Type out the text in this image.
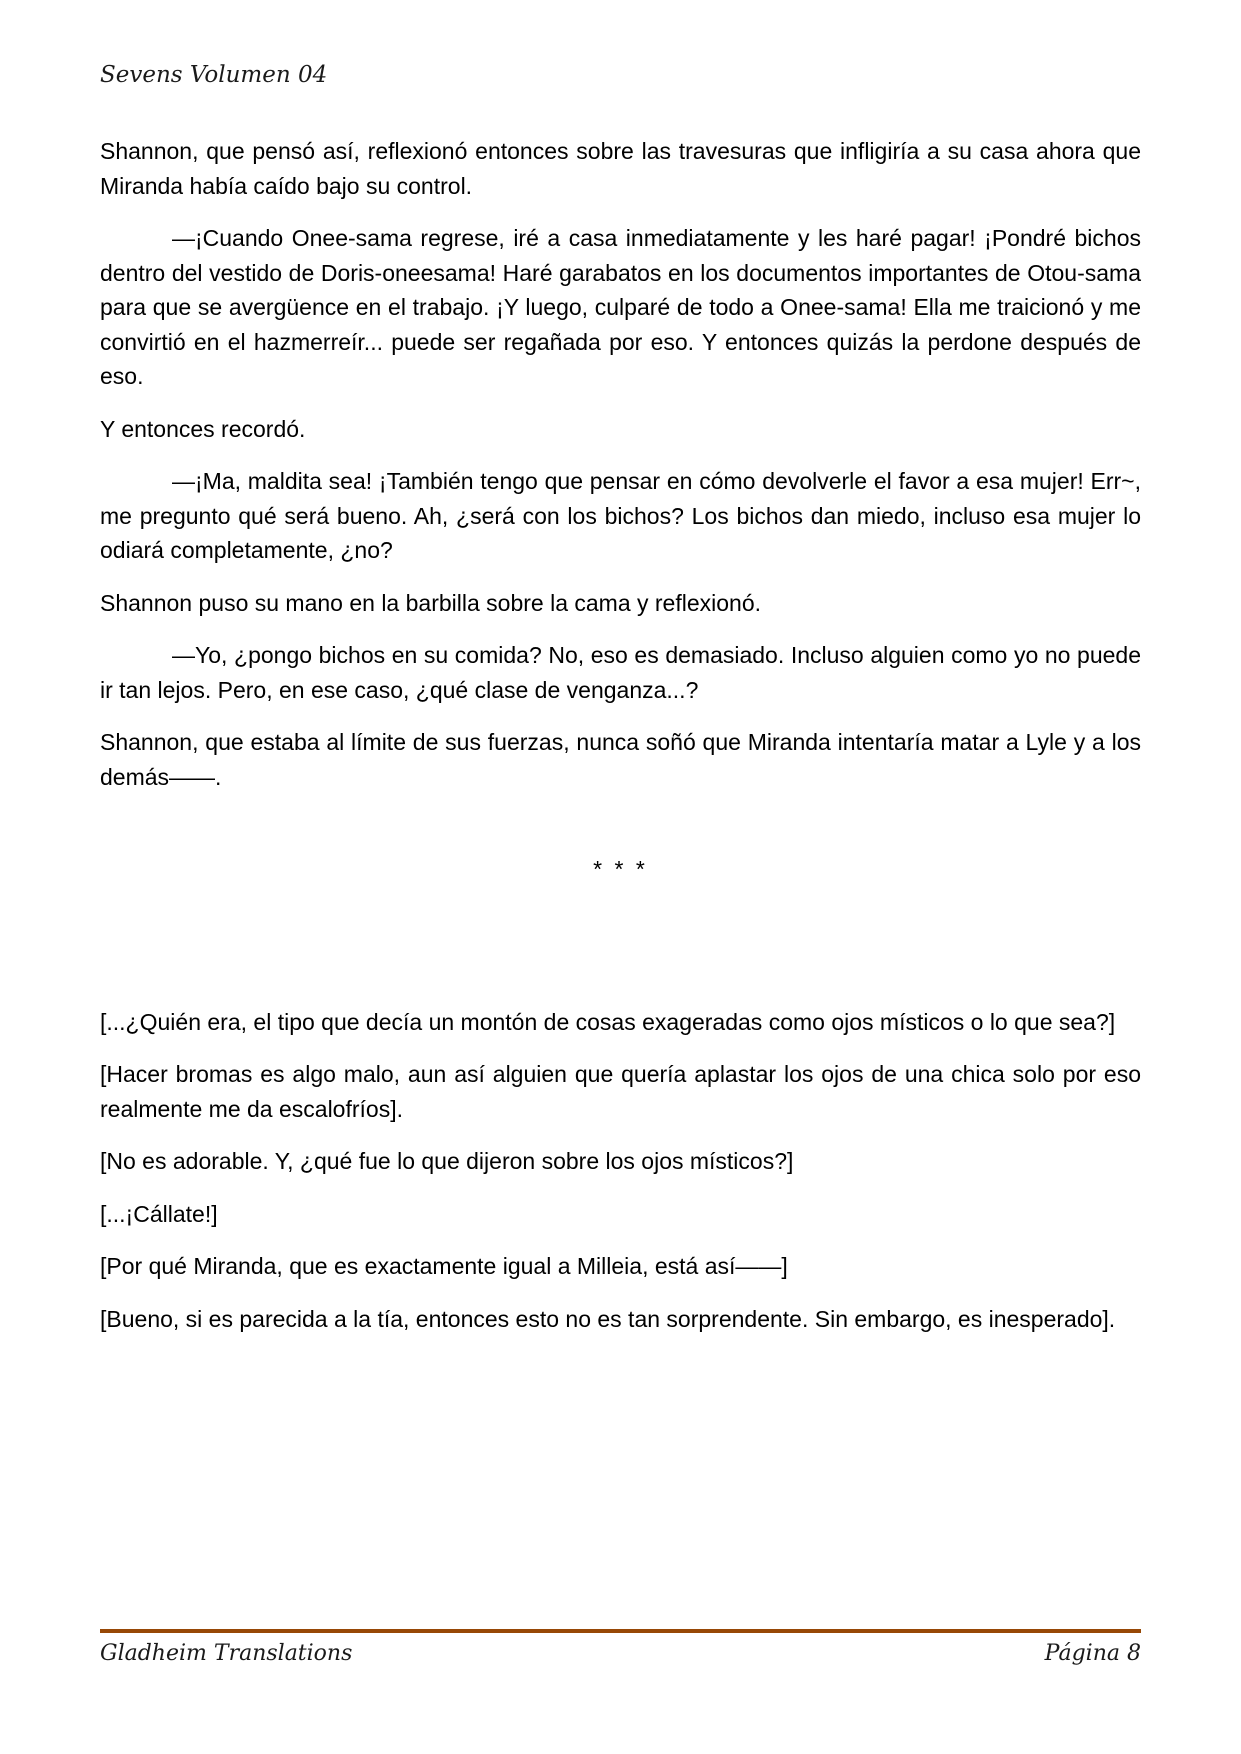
Sevens Volumen 04

Shannon, que pensó así, reflexionó entonces sobre las travesuras que infligiría a su casa ahora que Miranda había caído bajo su control.

—¡Cuando Onee-sama regrese, iré a casa inmediatamente y les haré pagar! ¡Pondré bichos dentro del vestido de Doris-oneesama! Haré garabatos en los documentos importantes de Otou-sama para que se avergüence en el trabajo. ¡Y luego, culparé de todo a Onee-sama! Ella me traicionó y me convirtió en el hazmerreír... puede ser regañada por eso. Y entonces quizás la perdone después de eso.

Y entonces recordó.

—¡Ma, maldita sea! ¡También tengo que pensar en cómo devolverle el favor a esa mujer! Err~, me pregunto qué será bueno. Ah, ¿será con los bichos? Los bichos dan miedo, incluso esa mujer lo odiará completamente, ¿no?

Shannon puso su mano en la barbilla sobre la cama y reflexionó.

—Yo, ¿pongo bichos en su comida? No, eso es demasiado. Incluso alguien como yo no puede ir tan lejos. Pero, en ese caso, ¿qué clase de venganza...?

Shannon, que estaba al límite de sus fuerzas, nunca soñó que Miranda intentaría matar a Lyle y a los demás——.

* * *

[...¿Quién era, el tipo que decía un montón de cosas exageradas como ojos místicos o lo que sea?]

[Hacer bromas es algo malo, aun así alguien que quería aplastar los ojos de una chica solo por eso realmente me da escalofríos].

[No es adorable. Y, ¿qué fue lo que dijeron sobre los ojos místicos?]

[...¡Cállate!]

[Por qué Miranda, que es exactamente igual a Milleia, está así——]

[Bueno, si es parecida a la tía, entonces esto no es tan sorprendente. Sin embargo, es inesperado].

Gladheim Translations	Página 8
